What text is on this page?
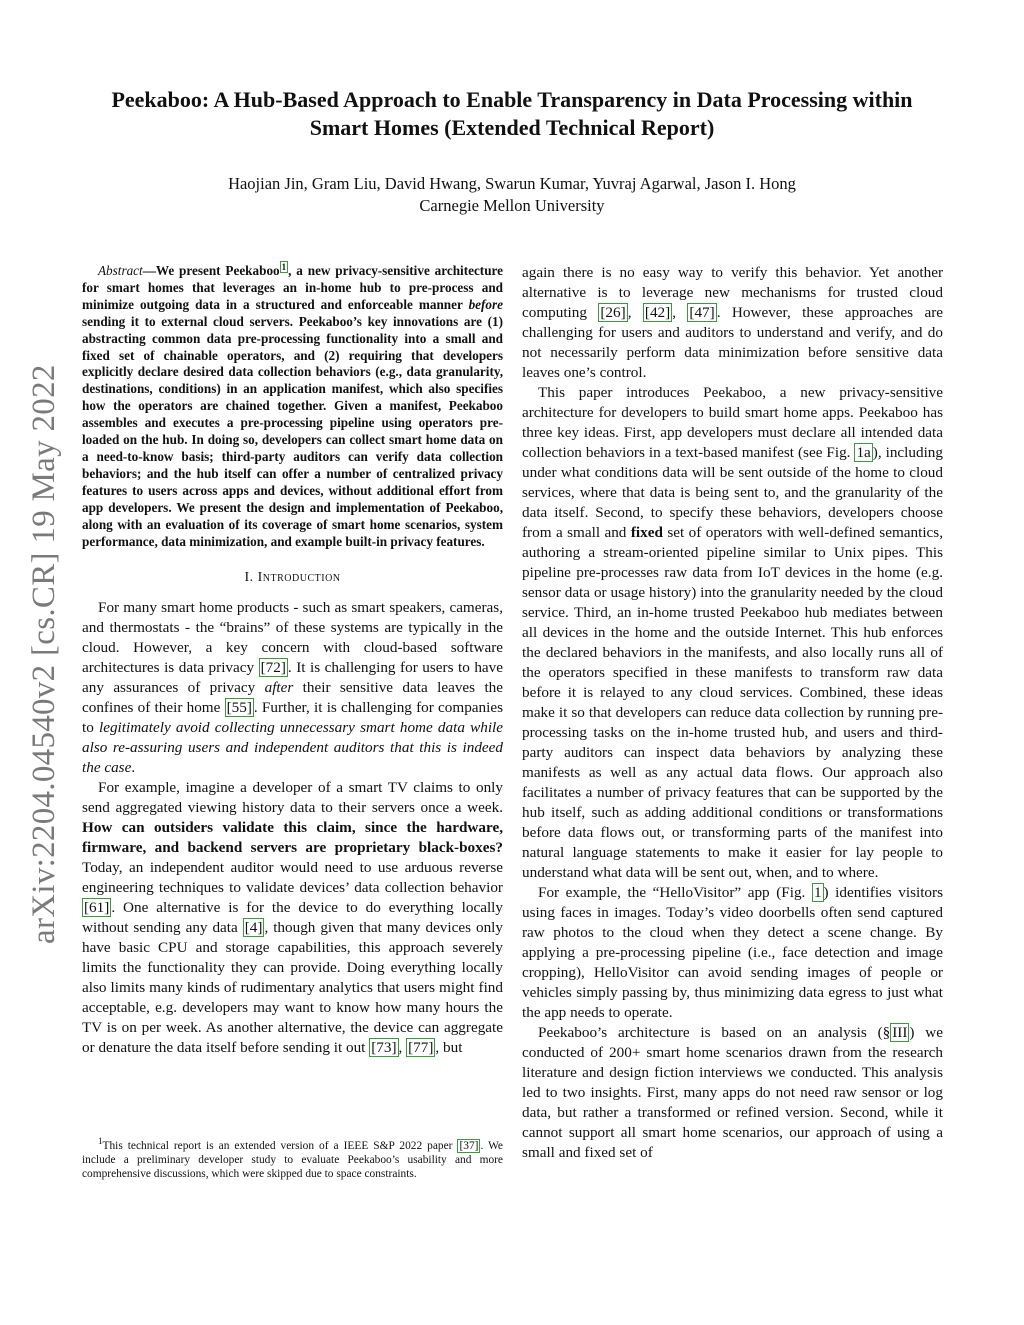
arXiv:2204.04540v2 [cs.CR] 19 May 2022
Peekaboo: A Hub-Based Approach to Enable Transparency in Data Processing within
Smart Homes (Extended Technical Report)
Haojian Jin, Gram Liu, David Hwang, Swarun Kumar, Yuvraj Agarwal, Jason I. Hong
Carnegie Mellon University

Abstract—We present Peekaboo $^1$ , a new privacy-sensitive architecture for smart homes that leverages an in-home hub to pre-process and minimize outgoing data in a structured and enforceable manner before sending it to external cloud servers. Peekaboo’s key innovations are (1) abstracting common data pre-processing functionality into a small and fixed set of chainable operators, and (2) requiring that developers explicitly declare desired data collection behaviors (e.g., data granularity, destinations, conditions) in an application manifest, which also specifies how the operators are chained together. Given a manifest, Peekaboo assembles and executes a pre-processing pipeline using operators pre-loaded on the hub. In doing so, developers can collect smart home data on a need-to-know basis; third-party auditors can verify data collection behaviors; and the hub itself can offer a number of centralized privacy features to users across apps and devices, without additional effort from app developers. We present the design and implementation of Peekaboo, along with an evaluation of its coverage of smart home scenarios, system performance, data minimization, and example built-in privacy features.

I. Introduction

For many smart home products - such as smart speakers, cameras, and thermostats - the “brains” of these systems are typically in the cloud. However, a key concern with cloud-based software architectures is data privacy [72] . It is challenging for users to have any assurances of privacy after their sensitive data leaves the confines of their home [55] . Further, it is challenging for companies to legitimately avoid collecting unnecessary smart home data while also re-assuring users and independent auditors that this is indeed the case.

For example, imagine a developer of a smart TV claims to only send aggregated viewing history data to their servers once a week. How can outsiders validate this claim, since the hardware, firmware, and backend servers are proprietary black-boxes? Today, an independent auditor would need to use arduous reverse engineering techniques to validate devices’ data collection behavior [61] . One alternative is for the device to do everything locally without sending any data [4] , though given that many devices only have basic CPU and storage capabilities, this approach severely limits the functionality they can provide. Doing everything locally also limits many kinds of rudimentary analytics that users might find acceptable, e.g. developers may want to know how many hours the TV is on per week. As another alternative, the device can aggregate or denature the data itself before sending it out [73] , [77] , but

$^1$This technical report is an extended version of a IEEE S&P 2022 paper [37] . We include a preliminary developer study to evaluate Peekaboo’s usability and more comprehensive discussions, which were skipped due to space constraints.

again there is no easy way to verify this behavior. Yet another alternative is to leverage new mechanisms for trusted cloud computing [26] , [42] , [47] . However, these approaches are challenging for users and auditors to understand and verify, and do not necessarily perform data minimization before sensitive data leaves one’s control.

This paper introduces Peekaboo, a new privacy-sensitive architecture for developers to build smart home apps. Peekaboo has three key ideas. First, app developers must declare all intended data collection behaviors in a text-based manifest (see Fig. 1a ), including under what conditions data will be sent outside of the home to cloud services, where that data is being sent to, and the granularity of the data itself. Second, to specify these behaviors, developers choose from a small and fixed set of operators with well-defined semantics, authoring a stream-oriented pipeline similar to Unix pipes. This pipeline pre-processes raw data from IoT devices in the home (e.g. sensor data or usage history) into the granularity needed by the cloud service. Third, an in-home trusted Peekaboo hub mediates between all devices in the home and the outside Internet. This hub enforces the declared behaviors in the manifests, and also locally runs all of the operators specified in these manifests to transform raw data before it is relayed to any cloud services. Combined, these ideas make it so that developers can reduce data collection by running pre-processing tasks on the in-home trusted hub, and users and third-party auditors can inspect data behaviors by analyzing these manifests as well as any actual data flows. Our approach also facilitates a number of privacy features that can be supported by the hub itself, such as adding additional conditions or transformations before data flows out, or transforming parts of the manifest into natural language statements to make it easier for lay people to understand what data will be sent out, when, and to where.

For example, the “HelloVisitor” app (Fig. 1 ) identifies visitors using faces in images. Today’s video doorbells often send captured raw photos to the cloud when they detect a scene change. By applying a pre-processing pipeline (i.e., face detection and image cropping), HelloVisitor can avoid sending images of people or vehicles simply passing by, thus minimizing data egress to just what the app needs to operate.

Peekaboo’s architecture is based on an analysis (§ III ) we conducted of 200+ smart home scenarios drawn from the research literature and design fiction interviews we conducted. This analysis led to two insights. First, many apps do not need raw sensor or log data, but rather a transformed or refined version. Second, while it cannot support all smart home scenarios, our approach of using a small and fixed set of
